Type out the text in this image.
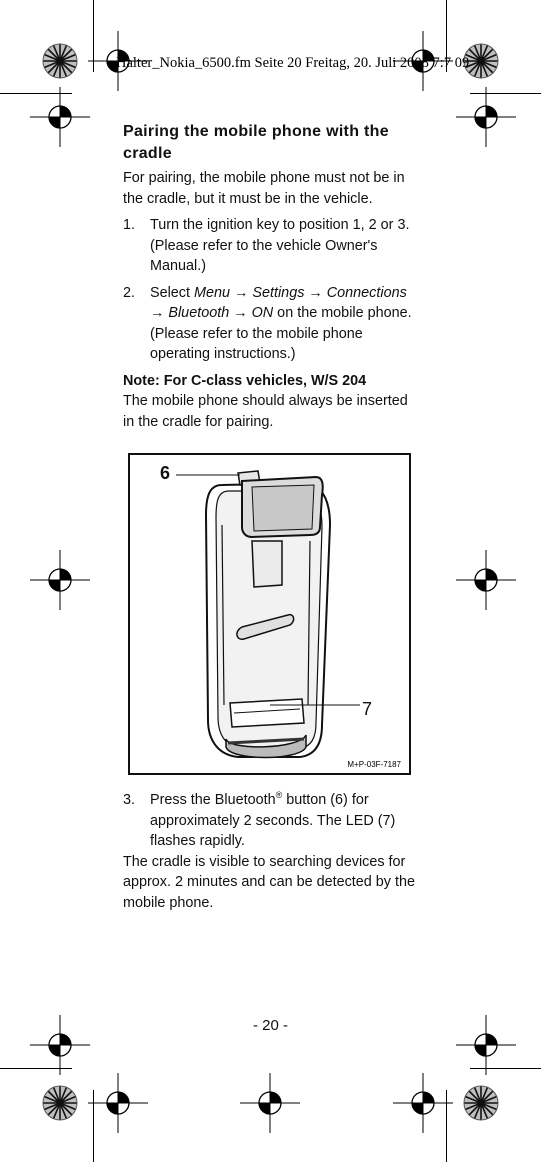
Halter_Nokia_6500.fm Seite 20 Freitag, 20. Juli 2008 7:7 09
Pairing the mobile phone with the cradle

For pairing, the mobile phone must not be in the cradle, but it must be in the vehicle.

1.	Turn the ignition key to position 1, 2 or 3. (Please refer to the vehicle Owner's Manual.)
2.	Select Menu → Settings → Connections → Bluetooth → ON on the mobile phone. (Please refer to the mobile phone operating instructions.)

Note: For C-class vehicles, W/S 204

The mobile phone should always be inserted in the cradle for pairing.

6
7
M+P-03F-7187
3.	Press the Bluetooth® button (6) for approximately 2 seconds. The LED (7) flashes rapidly.

The cradle is visible to searching devices for approx. 2 minutes and can be detected by the mobile phone.

- 20 -
